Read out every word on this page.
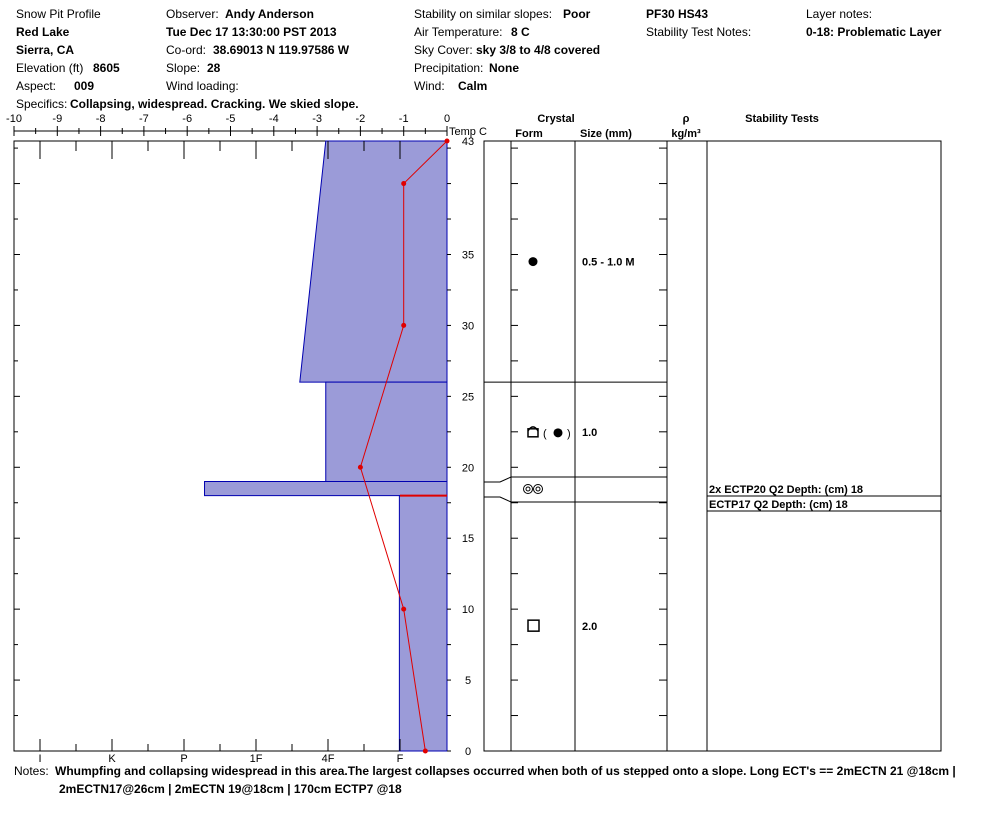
Snow Pit Profile
Red Lake
Sierra, CA
Elevation (ft) 8605
Aspect: 009
Specifics: Collapsing, widespread. Cracking. We skied slope.
Observer: Andy Anderson
Tue Dec 17 13:30:00 PST 2013
Co-ord: 38.69013 N 119.97586 W
Slope: 28
Wind loading:
Stability on similar slopes: Poor
Air Temperature: 8 C
Sky Cover: sky 3/8 to 4/8 covered
Precipitation: None
Wind: Calm
PF30 HS43
Stability Test Notes:
Layer notes:
0-18: Problematic Layer
-10	-9	-8	-7	-6	-5	-4	-3	-2	-1	0
Temp C
I	K	P	1F	4F	F
0
5
10
15
20
25
30
35
43
Crystal
Form	Size (mm)
ρ
kg/m³
Stability Tests
( )
0.5 - 1.0 M
1.0
2.0
2x ECTP20 Q2 Depth: (cm) 18
ECTP17 Q2 Depth: (cm) 18
Notes: Whumpfing and collapsing widespread in this area.The largest collapses occurred when both of us stepped onto a slope. Long ECT's == 2mECTN 21 @18cm |
2mECTN17@26cm | 2mECTN 19@18cm | 170cm ECTP7 @18
